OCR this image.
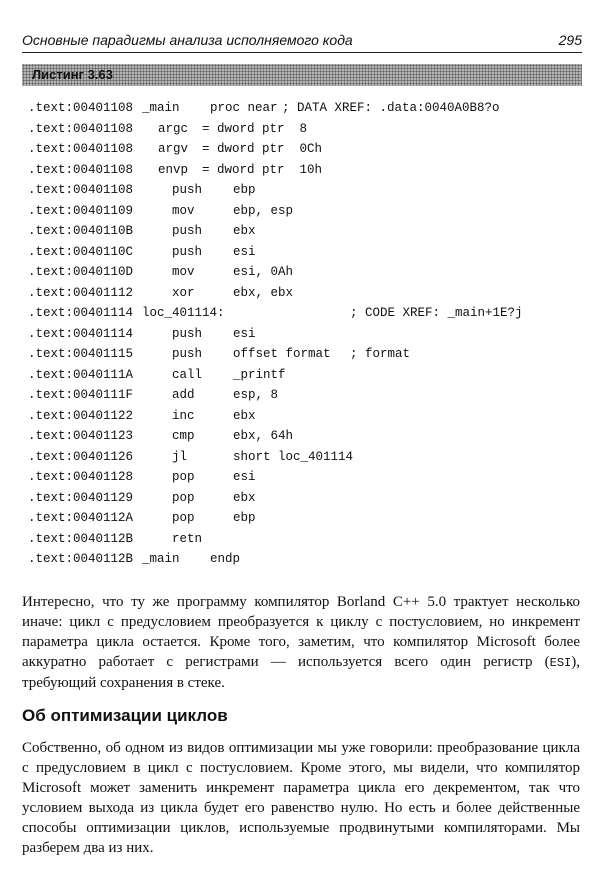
Основные парадигмы анализа исполняемого кода	295
Листинг 3.63
.text:00401108 _main proc near ; DATA XREF: .data:0040A0B8?o
.text:00401108 argc = dword ptr  8
.text:00401108 argv = dword ptr  0Ch
.text:00401108 envp = dword ptr  10h
.text:00401108	push ebp
.text:00401109	mov	ebp, esp
.text:0040110B	push ebx
.text:0040110C	push esi
.text:0040110D	mov	esi, 0Ah
.text:00401112	xor	ebx, ebx
.text:00401114 loc_401114:	; CODE XREF: _main+1E?j
.text:00401114	push esi
.text:00401115	push offset format ; format
.text:0040111A	call _printf
.text:0040111F	add	esp, 8
.text:00401122	inc	ebx
.text:00401123	cmp	ebx, 64h
.text:00401126	jl	short loc_401114
.text:00401128	pop	esi
.text:00401129	pop	ebx
.text:0040112A	pop	ebp
.text:0040112B	retn
.text:0040112B _main endp

Интересно, что ту же программу компилятор Borland C++ 5.0 трактует несколько иначе: цикл с предусловием преобразуется к циклу с постусловием, но инкремент параметра цикла остается. Кроме того, заметим, что компилятор Microsoft более аккуратно работает с регистрами — используется всего один регистр (ESI), требующий сохранения в стеке.

Об оптимизации циклов

Собственно, об одном из видов оптимизации мы уже говорили: преобразование цикла с предусловием в цикл с постусловием. Кроме этого, мы видели, что компилятор Microsoft может заменить инкремент параметра цикла его декрементом, так что условием выхода из цикла будет его равенство нулю. Но есть и более действенные способы оптимизации циклов, используемые продвинутыми компиляторами. Мы разберем два из них.
